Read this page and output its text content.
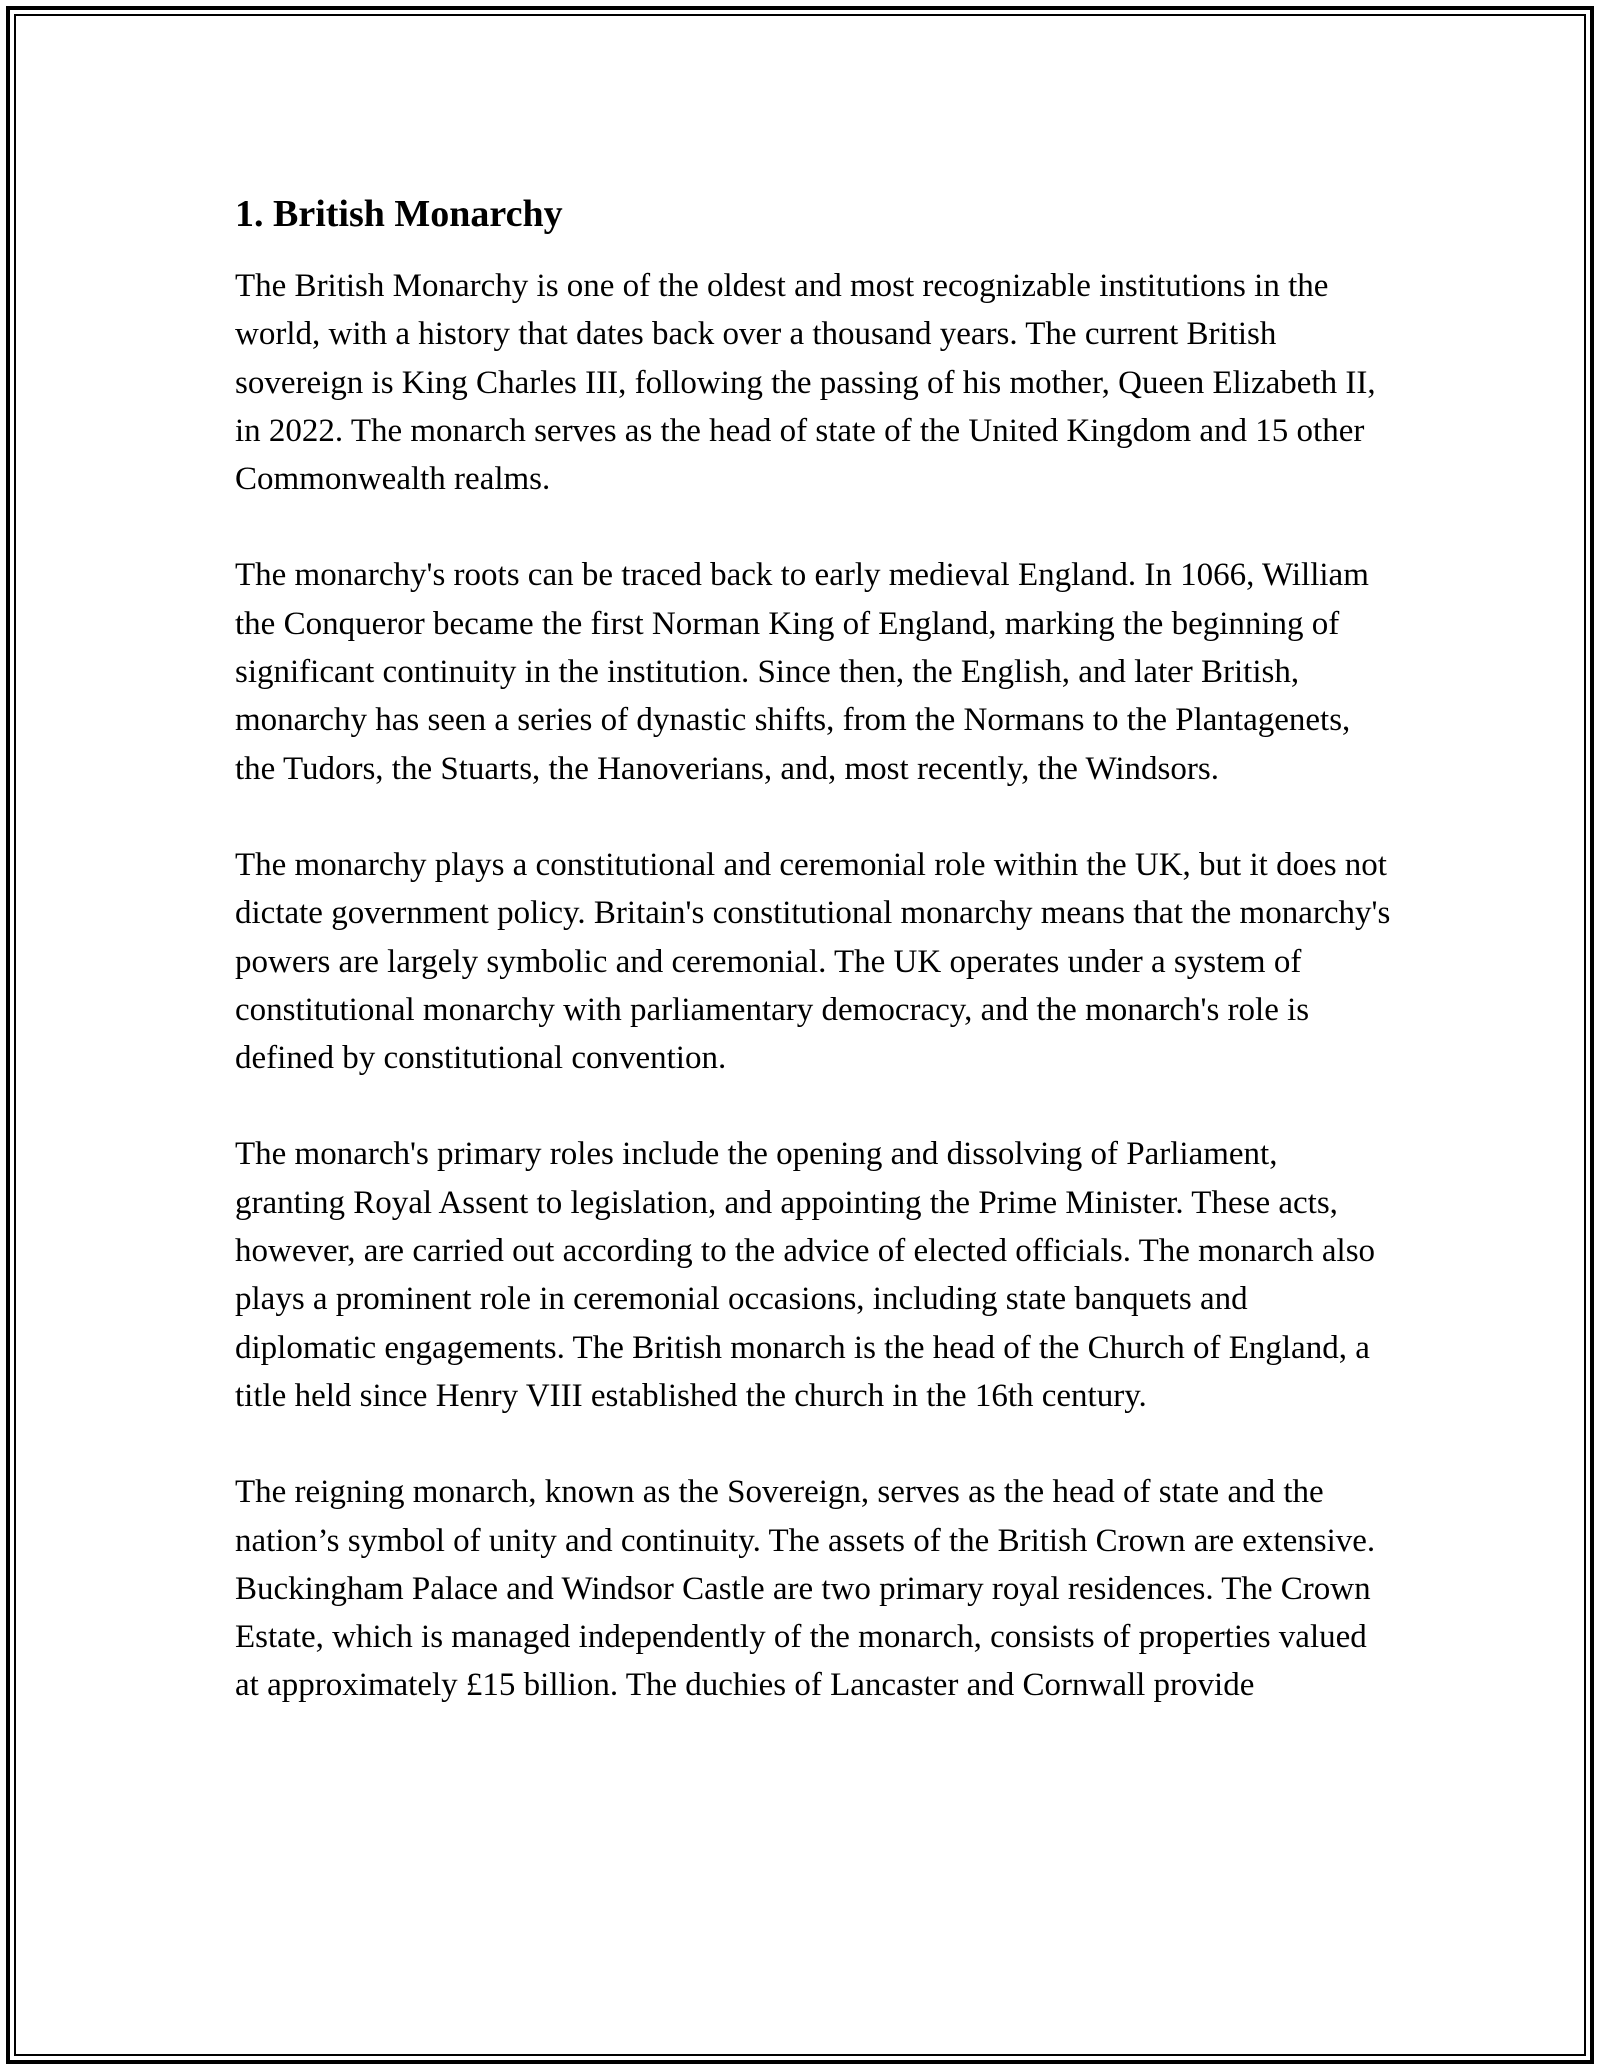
1. British Monarchy

The British Monarchy is one of the oldest and most recognizable institutions in the world, with a history that dates back over a thousand years. The current British sovereign is King Charles III, following the passing of his mother, Queen Elizabeth II, in 2022. The monarch serves as the head of state of the United Kingdom and 15 other Commonwealth realms.

The monarchy's roots can be traced back to early medieval England. In 1066, William the Conqueror became the first Norman King of England, marking the beginning of significant continuity in the institution. Since then, the English, and later British, monarchy has seen a series of dynastic shifts, from the Normans to the Plantagenets, the Tudors, the Stuarts, the Hanoverians, and, most recently, the Windsors.

The monarchy plays a constitutional and ceremonial role within the UK, but it does not dictate government policy. Britain's constitutional monarchy means that the monarchy's powers are largely symbolic and ceremonial. The UK operates under a system of constitutional monarchy with parliamentary democracy, and the monarch's role is defined by constitutional convention.

The monarch's primary roles include the opening and dissolving of Parliament, granting Royal Assent to legislation, and appointing the Prime Minister. These acts, however, are carried out according to the advice of elected officials. The monarch also plays a prominent role in ceremonial occasions, including state banquets and diplomatic engagements. The British monarch is the head of the Church of England, a title held since Henry VIII established the church in the 16th century.

The reigning monarch, known as the Sovereign, serves as the head of state and the nation’s symbol of unity and continuity. The assets of the British Crown are extensive. Buckingham Palace and Windsor Castle are two primary royal residences. The Crown Estate, which is managed independently of the monarch, consists of properties valued at approximately £15 billion. The duchies of Lancaster and Cornwall provide
